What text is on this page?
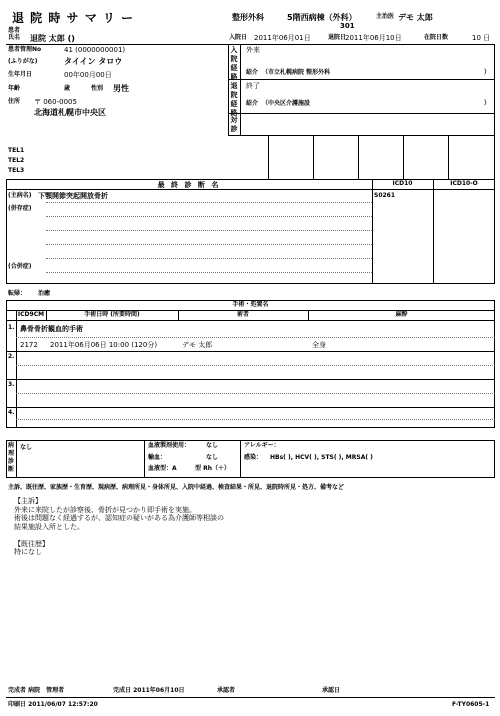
退 院 時 サ マ リ ー	整形外科	5階西病棟（外科）	主治医 デモ 太郎
301
患者
氏名 退院 太郎 ()	入院日 2011年06月01日	退院日
2011年06月10日	在院日数	10 日
患者管理No	41 (0000000001)
(ふりがな)	タイイン タロウ
生年月日	00年00月00日
年齢	歳	性別 男性
住所 〒 060-0005
北海道札幌市中央区
入院経路
外来
紹介 （市立札幌病院 整形外科	）
退院経路
終了
紹介 （中央区介護施設	）
対診
TEL1
TEL2
TEL3
最 終 診 断 名	ICD10	ICD10-O
(主病名) 下顎開節突起開放骨折	S0261
(併存症)
(合併症)
転帰： 治癒
手術・処置名
ICD9CM	手術日時 (所要時間)	術者	麻酔
1. 鼻骨骨折観血的手術
2172 2011年06月06日 10:00 (120分)	デモ 太郎	全身
2.
3.
4.
病理診断
なし	血液製剤使用：	なし
輸血：	なし
血液型：A	型 Rh（＋）
アレルギー：
感染： HBs( ), HCV( ), STS( ), MRSA( )
主訴、既往歴、家族歴・生育歴、現病歴、病理所見・身体所見、入院中経過、検査結果・所見、退院時所見・処方、備考など
【主訴】
外来に来院したが診察後、骨折が見つかり即手術を実施。
術後は問題なく経過するが、認知症の疑いがある為介護師等相談の
結果施設入所とした。
【既往歴】
特になし
完成者 病院　管理者	完成日 2011年06月10日	承認者	承認日
印刷日 2011/06/07 12:57:20	F-TY0605-1
